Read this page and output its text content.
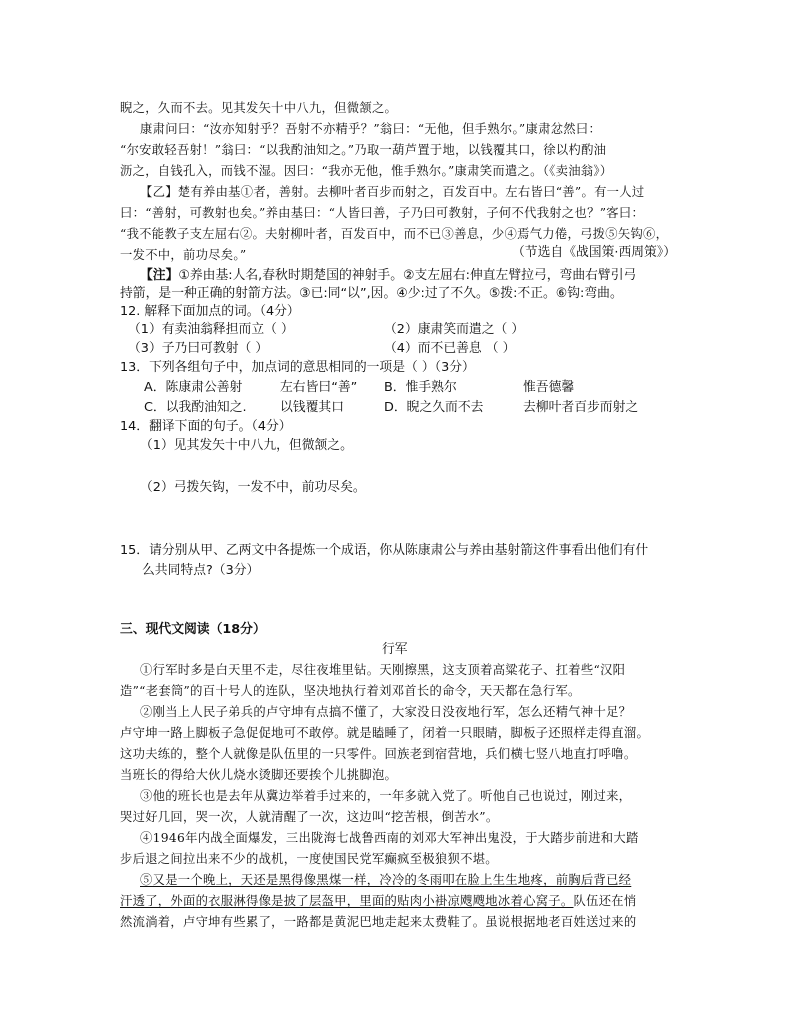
睨之，久而不去。见其发矢十中八九，但微颔之。
康肃问曰：“汝亦知射乎？吾射不亦精乎？”翁曰：“无他，但手熟尔。”康肃忿然曰：
“尔安敢轻吾射！”翁曰：“以我酌油知之。”乃取一葫芦置于地，以钱覆其口，徐以杓酌油
沥之，自钱孔入，而钱不湿。因曰：“我亦无他，惟手熟尔。”康肃笑而遣之。（《卖油翁》）
【乙】楚有养由基①者，善射。去柳叶者百步而射之，百发百中。左右皆曰“善”。有一人过
曰：“善射，可教射也矣。”养由基曰：“人皆曰善，子乃曰可教射，子何不代我射之也？”客曰：
“我不能教子支左屈右②。夫射柳叶者，百发百中，而不已③善息，少④焉气力倦，弓拨⑤矢钩⑥，
一发不中，前功尽矣。”	（节选自《战国策·西周策》）
【注】①养由基:人名,春秋时期楚国的神射手。②支左屈右:伸直左臂拉弓，弯曲右臂引弓
持箭，是一种正确的射箭方法。③已:同“以”,因。④少:过了不久。⑤拨:不正。⑥钩:弯曲。
12. 解释下面加点的词。（4分）
（1）有卖油翁释担而立（ ）	（2）康肃笑而遣之（ ）
（3）子乃曰可教射（ ）	（4）而不已善息 （ ）
13．下列各组句子中，加点词的意思相同的一项是（ ）（3分）
A．陈康肃公善射	左右皆曰“善” B．惟手熟尔	惟吾德馨
C．以我酌油知之.	以钱覆其口	D．睨之久而不去	去柳叶者百步而射之
14．翻译下面的句子。（4分）
（1）见其发矢十中八九，但微颔之。
（2）弓拨矢钩，一发不中，前功尽矣。
15．请分别从甲、乙两文中各提炼一个成语，你从陈康肃公与养由基射箭这件事看出他们有什
么共同特点?（3分）
三、现代文阅读（18分）
行军
①行军时多是白天里不走，尽往夜堆里钻。天刚擦黑，这支顶着高粱花子、扛着些“汉阳
造”“老套筒”的百十号人的连队，坚决地执行着刘邓首长的命令，天天都在急行军。
②刚当上人民子弟兵的卢守坤有点搞不懂了，大家没日没夜地行军，怎么还精气神十足？
卢守坤一路上脚板子急促促地可不敢停。就是瞌睡了，闭着一只眼睛，脚板子还照样走得直溜。
这功夫练的，整个人就像是队伍里的一只零件。回族老到宿营地，兵们横七竖八地直打呼噜。
当班长的得给大伙儿烧水烫脚还要挨个儿挑脚泡。
③他的班长也是去年从冀边举着手过来的，一年多就入党了。听他自己也说过，刚过来，
哭过好几回，哭一次，人就清醒了一次，这边叫“挖苦根，倒苦水”。
④1946年内战全面爆发，三出陇海七战鲁西南的刘邓大军神出鬼没，于大踏步前进和大踏
步后退之间拉出来不少的战机，一度使国民党军癫疯至极狼狈不堪。
⑤又是一个晚上，天还是黑得像黑煤一样，冷冷的冬雨叩在脸上生生地疼，前胸后背已经
汗透了，外面的衣服淋得像是披了层盔甲，里面的贴肉小褂凉飕飕地冰着心窝子。队伍还在悄
然流淌着，卢守坤有些累了，一路都是黄泥巴地走起来太费鞋了。虽说根据地老百姓送过来的
